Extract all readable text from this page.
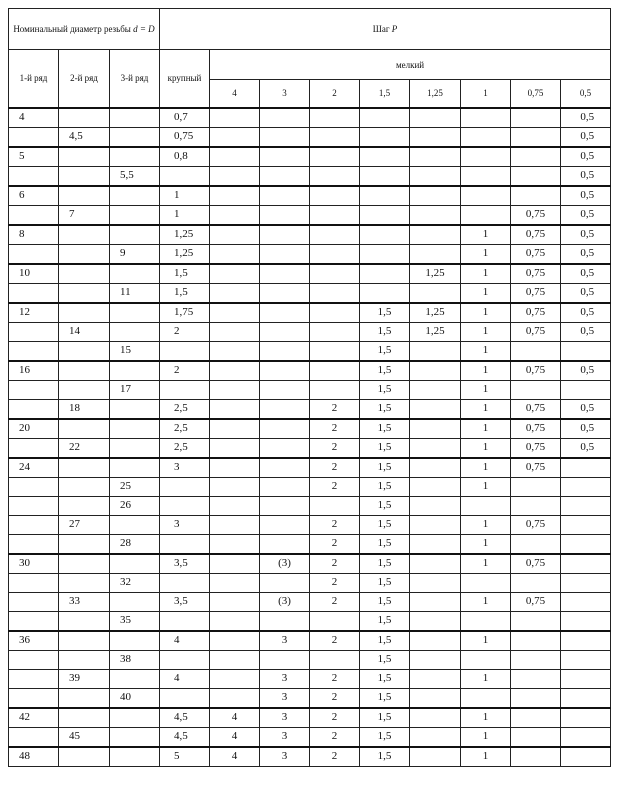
Номинальный диаметр резьбы d = D			Шаг P								
1-й ряд	2-й ряд	3-й ряд	крупный	мелкий							
				4	3	2	1,5	1,25	1	0,75	0,5
4			0,7								0,5
	4,5		0,75								0,5
5			0,8								0,5
		5,5									0,5
6			1								0,5
	7		1							0,75	0,5
8			1,25						1	0,75	0,5
		9	1,25						1	0,75	0,5
10			1,5					1,25	1	0,75	0,5
		11	1,5						1	0,75	0,5
12			1,75				1,5	1,25	1	0,75	0,5
	14		2				1,5	1,25	1	0,75	0,5
		15					1,5		1		
16			2				1,5		1	0,75	0,5
		17					1,5		1		
	18		2,5			2	1,5		1	0,75	0,5
20			2,5			2	1,5		1	0,75	0,5
	22		2,5			2	1,5		1	0,75	0,5
24			3			2	1,5		1	0,75	
		25				2	1,5		1		
		26					1,5				
	27		3			2	1,5		1	0,75	
		28				2	1,5		1		
30			3,5		(3)	2	1,5		1	0,75	
		32				2	1,5				
	33		3,5		(3)	2	1,5		1	0,75	
		35					1,5				
36			4		3	2	1,5		1		
		38					1,5				
	39		4		3	2	1,5		1		
		40			3	2	1,5				
42			4,5	4	3	2	1,5		1		
	45		4,5	4	3	2	1,5		1		
48			5	4	3	2	1,5		1		
